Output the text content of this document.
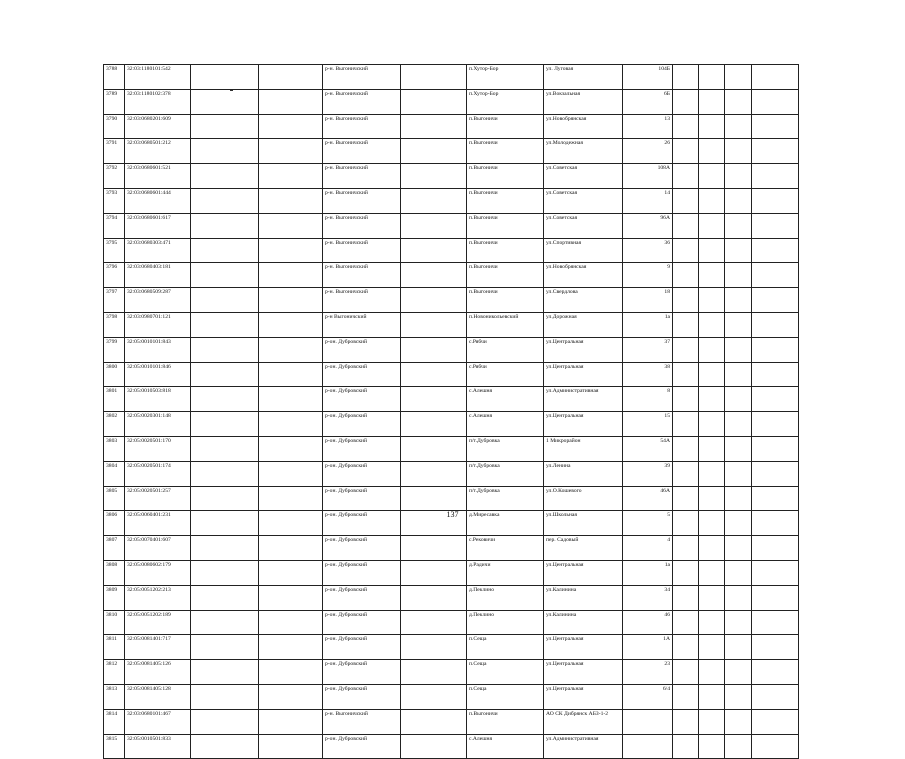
3788	32:03:1180101:542			р-н. Выгоничский		п.Хутор-Бор	ул. Луговая	104Б				
3789	32:03:1180102:378			р-н. Выгоничский		п.Хутор-Бор	ул.Вокзальная	6Б				
3790	32:03:0680201:609			р-н. Выгоничский		п.Выгоничи	ул.Новобрянская	13				
3791	32:03:0680501:212			р-н. Выгоничский		п.Выгоничи	ул.Молодежная	26				
3792	32:03:0680601:521			р-н. Выгоничский		п.Выгоничи	ул.Советская	108А				
3793	32:03:0680601:444			р-н. Выгоничский		п.Выгоничи	ул.Советская	14				
3794	32:03:0680601:617			р-н. Выгоничский		п.Выгоничи	ул.Советская	96А				
3795	32:03:0680303:471			р-н. Выгоничский		п.Выгоничи	ул.Спортивная	36				
3796	32:03:0680403:181			р-н. Выгоничский		п.Выгоничи	ул.Новобрянская	9				
3797	32:03:0680509:287			р-н. Выгоничский		п.Выгоничи	ул.Свердлова	18				
3798	32:03:0980701:121			р-н Выгоничский		п.Новоникольевский	ул.Дорожная	1а				
3799	32:05:0010101:843			р-он. Дубровский		с.Рябчи	ул.Центральная	37				
3800	32:05:0010101:846			р-он. Дубровский		с.Рябчи	ул.Центральная	38				
3801	32:05:0010503:818			р-он. Дубровский		с.Алешня	ул.Административная	8				
3802	32:05:0020301:148			р-он. Дубровский		с.Алешня	ул.Центральная	15				
3803	32:05:0020501:170			р-он. Дубровский		п/т.Дубровка	1 Микрорайон	54А				
3804	32:05:0020501:174			р-он. Дубровский		п/т.Дубровка	ул.Ленина	39				
3805	32:05:0020501:257			р-он. Дубровский		п/т.Дубровка	ул.О.Кошевого	46А				
3806	32:05:0060401:231			р-он. Дубровский		д.Миресавка	ул.Школьная	5				
3807	32:05:0070401:607			р-он. Дубровский		с.Рековичи	пер. Садовый	4				
3808	32:05:0080602:179			р-он. Дубровский		д.Радичи	ул.Центральная	1а				
3809	32:05:0051202:213			р-он. Дубровский		д.Пеклино	ул.Калинина	34				
3810	32:05:0051202:189			р-он. Дубровский		д.Пеклино	ул.Калинина	46				
3811	32:05:0081401:717			р-он. Дубровский		п.Сеща	ул.Центральная	1А				
3812	32:05:0081405:126			р-он. Дубровский		п.Сеща	ул.Центральная	23				
3813	32:05:0081405:128			р-он. Дубровский		п.Сеща	ул.Центральная	6/4				
3814	32:03:0680101:467			р-н. Выгоничский		п.Выгоничи	АО СК Дибрянск АБЗ-1-2					
3815	32:05:0010501:833			р-он. Дубровский		с.Алешня	ул.Административная					
137
